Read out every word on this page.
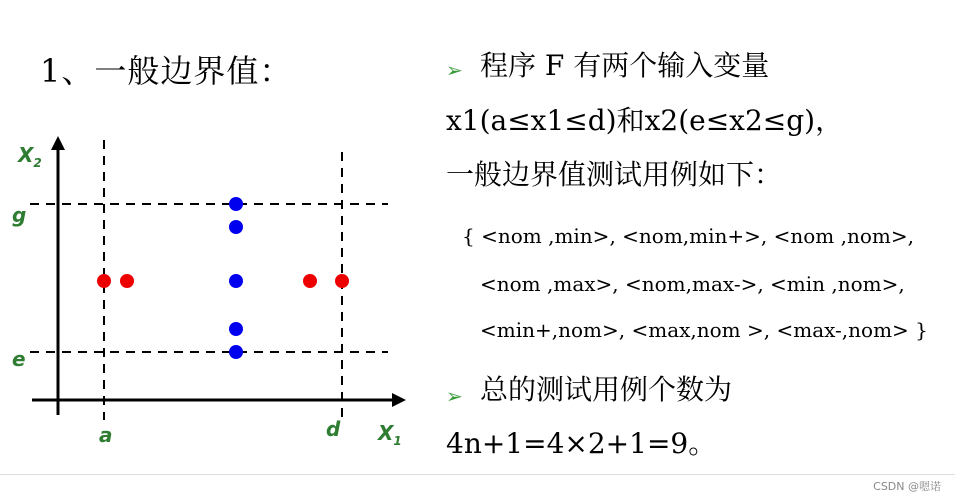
1、一般边界值：
$X_2$
$X_1$
g
e
a	d
➢ 程序 F 有两个输入变量
x1(a≤x1≤d)和x2(e≤x2≤g)，
一般边界值测试用例如下：
{ <nom ,min>, <nom,min+>, <nom ,nom>,
<nom ,max>, <nom,max->, <min ,nom>,
<min+,nom>, <max,nom >, <max-,nom> }
➢ 总的测试用例个数为
4n+1=4×2+1=9。
CSDN @嗯诺
